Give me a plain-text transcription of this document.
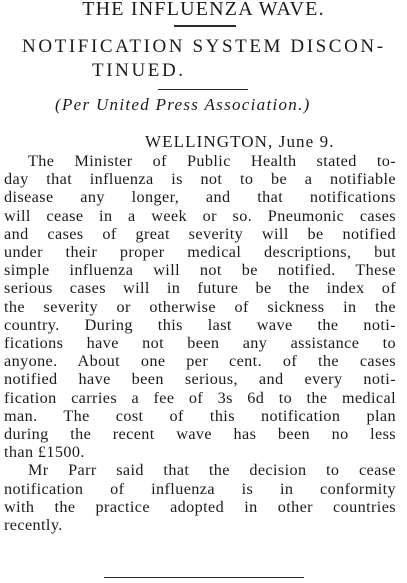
THE INFLUENZA WAVE.
NOTIFICATION SYSTEM DISCON-
TINUED.
(Per United Press Association.)
WELLINGTON, June 9.
The Minister of Public Health stated to-
day that influenza is not to be a notifiable
disease any longer, and that notifications
will cease in a week or so. Pneumonic cases
and cases of great severity will be notified
under their proper medical descriptions, but
simple influenza will not be notified. These
serious cases will in future be the index of
the severity or otherwise of sickness in the
country. During this last wave the noti-
fications have not been any assistance to
anyone. About one per cent. of the cases
notified have been serious, and every noti-
fication carries a fee of 3s 6d to the medical
man. The cost of this notification plan
during the recent wave has been no less
than £1500.
Mr Parr said that the decision to cease
notification of influenza is in conformity
with the practice adopted in other countries
recently.
